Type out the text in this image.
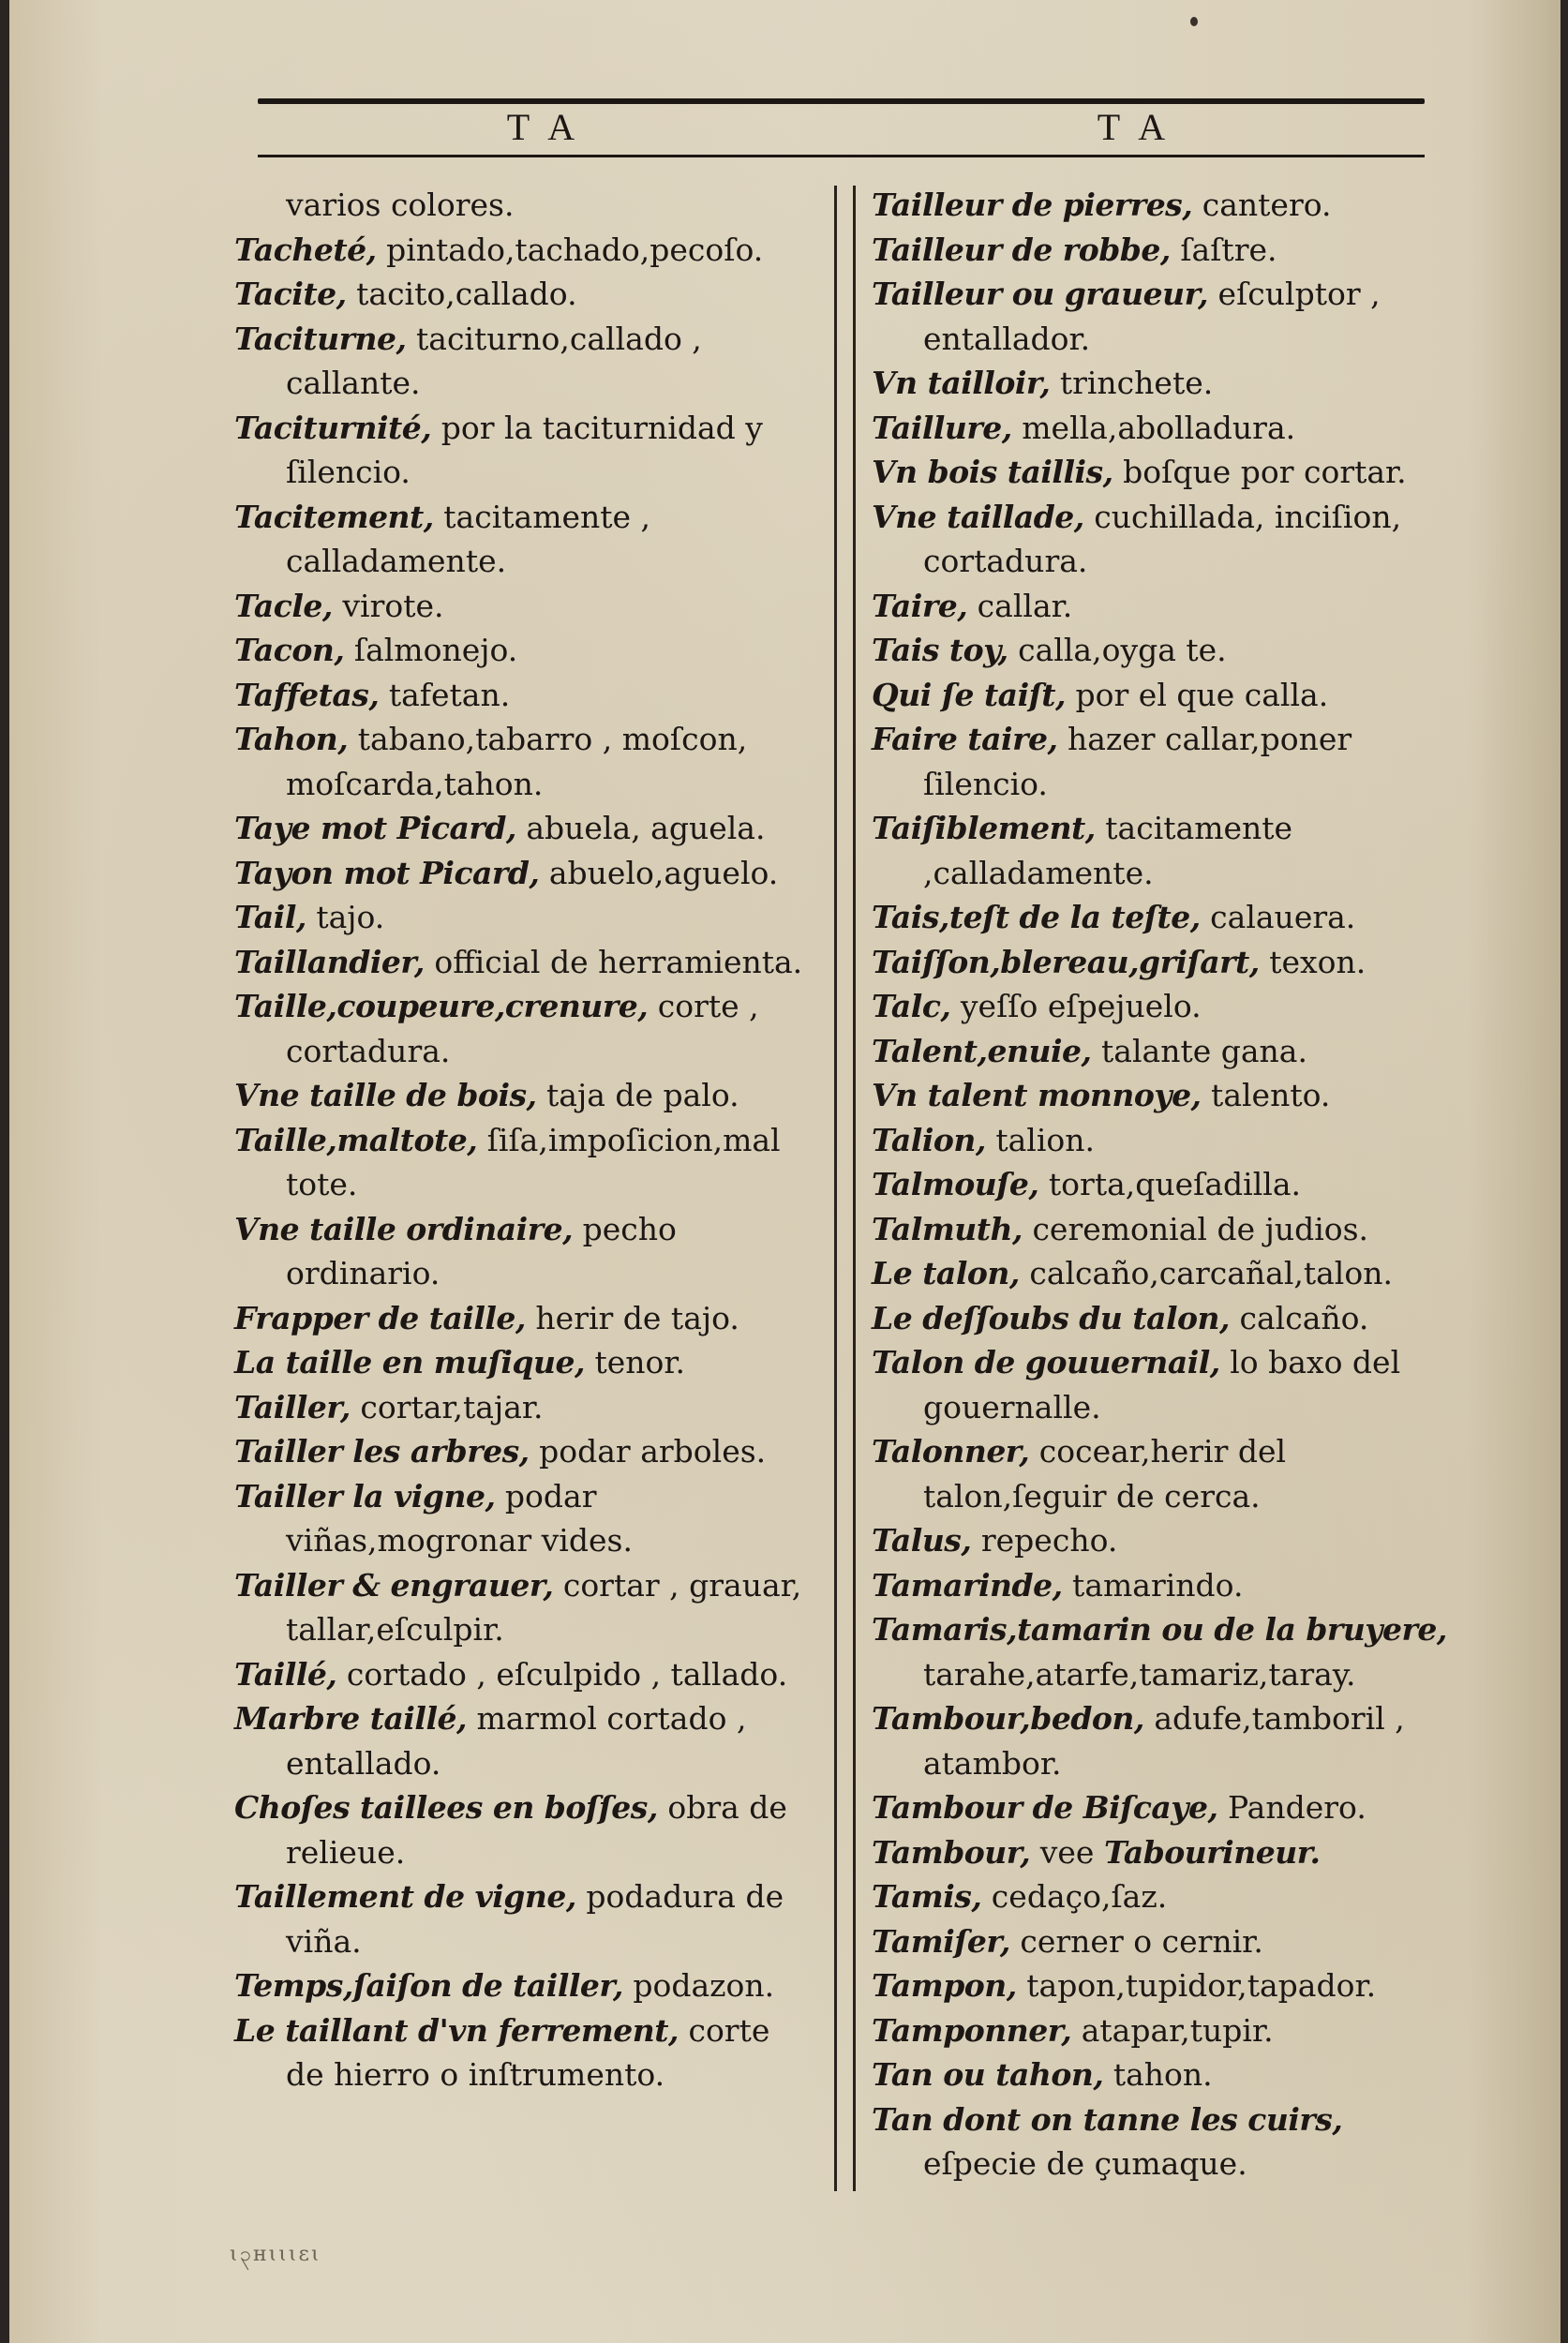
T A	T A
varios colores.
Tacheté, pintado,tachado,pecoſo.
Tacite, tacito,callado.
Taciturne, taciturno,callado , callante.
Taciturnité, por la taciturnidad y ſilencio.
Tacitement, tacitamente , calladamente.
Tacle, virote.
Tacon, ſalmonejo.
Taffetas, tafetan.
Tahon, tabano,tabarro , moſcon, moſcarda,tahon.
Taye mot Picard, abuela, aguela.
Tayon mot Picard, abuelo,aguelo.
Tail, tajo.
Taillandier, official de herramienta.
Taille,coupeure,crenure, corte , cortadura.
Vne taille de bois, taja de palo.
Taille,maltote, ſiſa,impoſicion,mal tote.
Vne taille ordinaire, pecho ordinario.
Frapper de taille, herir de tajo.
La taille en muſique, tenor.
Tailler, cortar,tajar.
Tailler les arbres, podar arboles.
Tailler la vigne, podar viñas,mogronar vides.
Tailler & engrauer, cortar , grauar, tallar,eſculpir.
Taillé, cortado , eſculpido , tallado.
Marbre taillé, marmol cortado , entallado.
Choſes taillees en boſſes, obra de relieue.
Taillement de vigne, podadura de viña.
Temps,ſaiſon de tailler, podazon.
Le taillant d'vn ferrement, corte de hierro o inſtrumento.
Tailleur de pierres, cantero.
Tailleur de robbe, ſaſtre.
Tailleur ou graueur, eſculptor , entallador.
Vn tailloir, trinchete.
Taillure, mella,abolladura.
Vn bois taillis, boſque por cortar.
Vne taillade, cuchillada, inciſion, cortadura.
Taire, callar.
Tais toy, calla,oyga te.
Qui ſe taiſt, por el que calla.
Faire taire, hazer callar,poner ſilencio.
Taiſiblement, tacitamente ,calladamente.
Tais,teſt de la teſte, calauera.
Taiſſon,blereau,griſart, texon.
Talc, yeſſo eſpejuelo.
Talent,enuie, talante gana.
Vn talent monnoye, talento.
Talion, talion.
Talmouſe, torta,queſadilla.
Talmuth, ceremonial de judios.
Le talon, calcaño,carcañal,talon.
Le deſſoubs du talon, calcaño.
Talon de gouuernail, lo baxo del gouernalle.
Talonner, cocear,herir del talon,ſeguir de cerca.
Talus, repecho.
Tamarinde, tamarindo.
Tamaris,tamarin ou de la bruyere, tarahe,atarfe,tamariz,taray.
Tambour,bedon, adufe,tamboril , atambor.
Tambour de Biſcaye, Pandero.
Tambour, vee Tabourineur.
Tamis, cedaço,ſaz.
Tamiſer, cerner o cernir.
Tampon, tapon,tupidor,tapador.
Tamponner, atapar,tupir.
Tan ou tahon, tahon.
Tan dont on tanne les cuirs, eſpecie de çumaque.
ɩ၃ʜɩɩɩɛɩ
